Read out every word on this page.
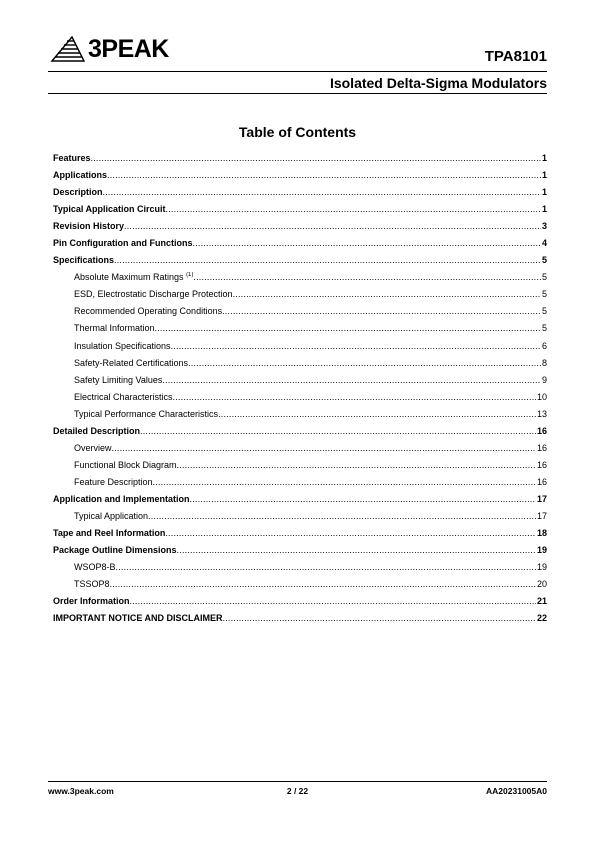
3PEAK	TPA8101
Isolated Delta-Sigma Modulators
Table of Contents
Features .....	1
Applications .....	1
Description .....	1
Typical Application Circuit .....	1
Revision History .....	3
Pin Configuration and Functions .....	4
Specifications .....	5
Absolute Maximum Ratings $^{(1)}$ .....	5
ESD, Electrostatic Discharge Protection .....	5
Recommended Operating Conditions .....	5
Thermal Information .....	5
Insulation Specifications .....	6
Safety-Related Certifications .....	8
Safety Limiting Values .....	9
Electrical Characteristics .....	10
Typical Performance Characteristics .....	13
Detailed Description .....	16
Overview .....	16
Functional Block Diagram .....	16
Feature Description .....	16
Application and Implementation .....	17
Typical Application .....	17
Tape and Reel Information .....	18
Package Outline Dimensions .....	19
WSOP8-B .....	19
TSSOP8 .....	20
Order Information .....	21
IMPORTANT NOTICE AND DISCLAIMER .....	22
www.3peak.com	2 / 22	AA20231005A0
